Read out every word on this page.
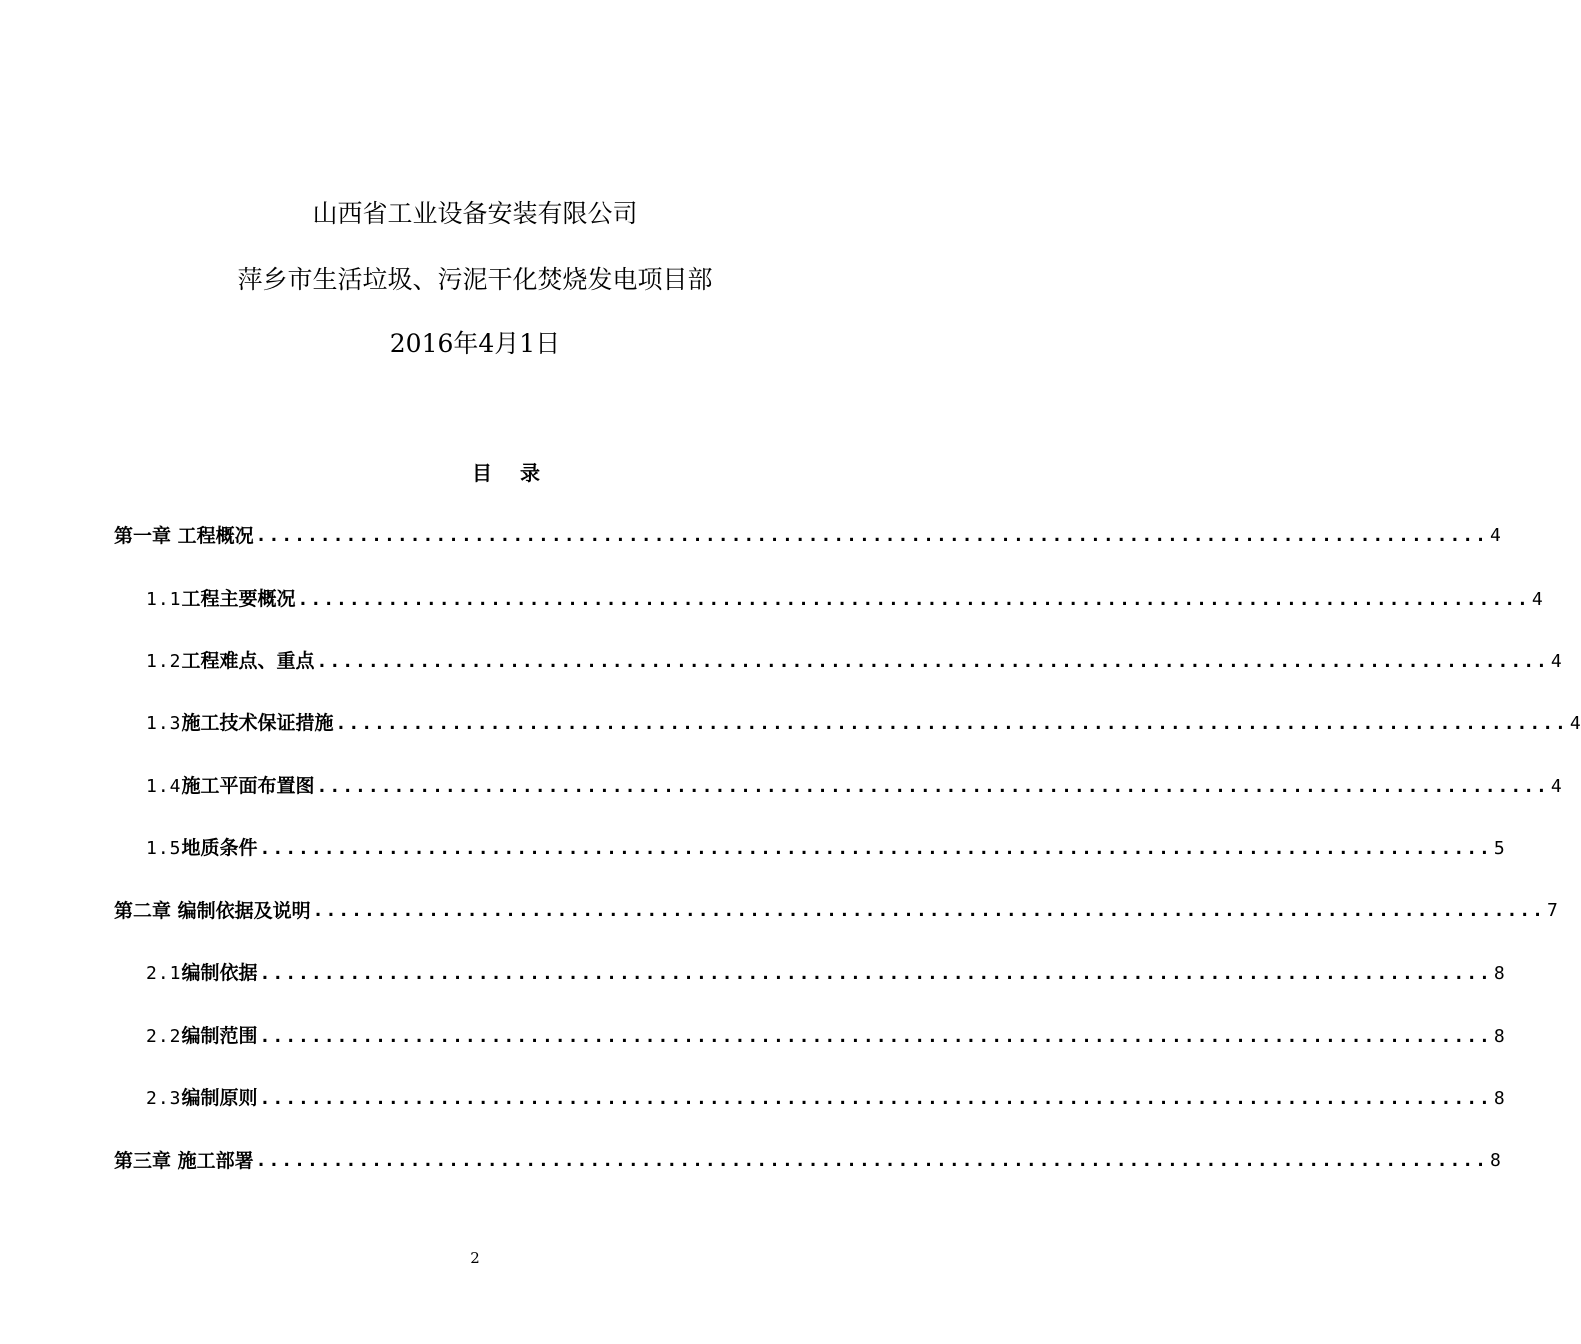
山西省工业设备安装有限公司
萍乡市生活垃圾、污泥干化焚烧发电项目部
2016年4月1日
目录
第一章 工程概况 ................................................................................................ 4
1.1工程主要概况 ................................................................................................ 4
1.2工程难点、重点 ................................................................................................ 4
1.3施工技术保证措施 ................................................................................................ 4
1.4施工平面布置图 ................................................................................................ 4
1.5地质条件 ................................................................................................ 5
第二章 编制依据及说明 ................................................................................................ 7
2.1编制依据 ................................................................................................ 8
2.2编制范围 ................................................................................................ 8
2.3编制原则 ................................................................................................ 8
第三章 施工部署 ................................................................................................ 8
2
